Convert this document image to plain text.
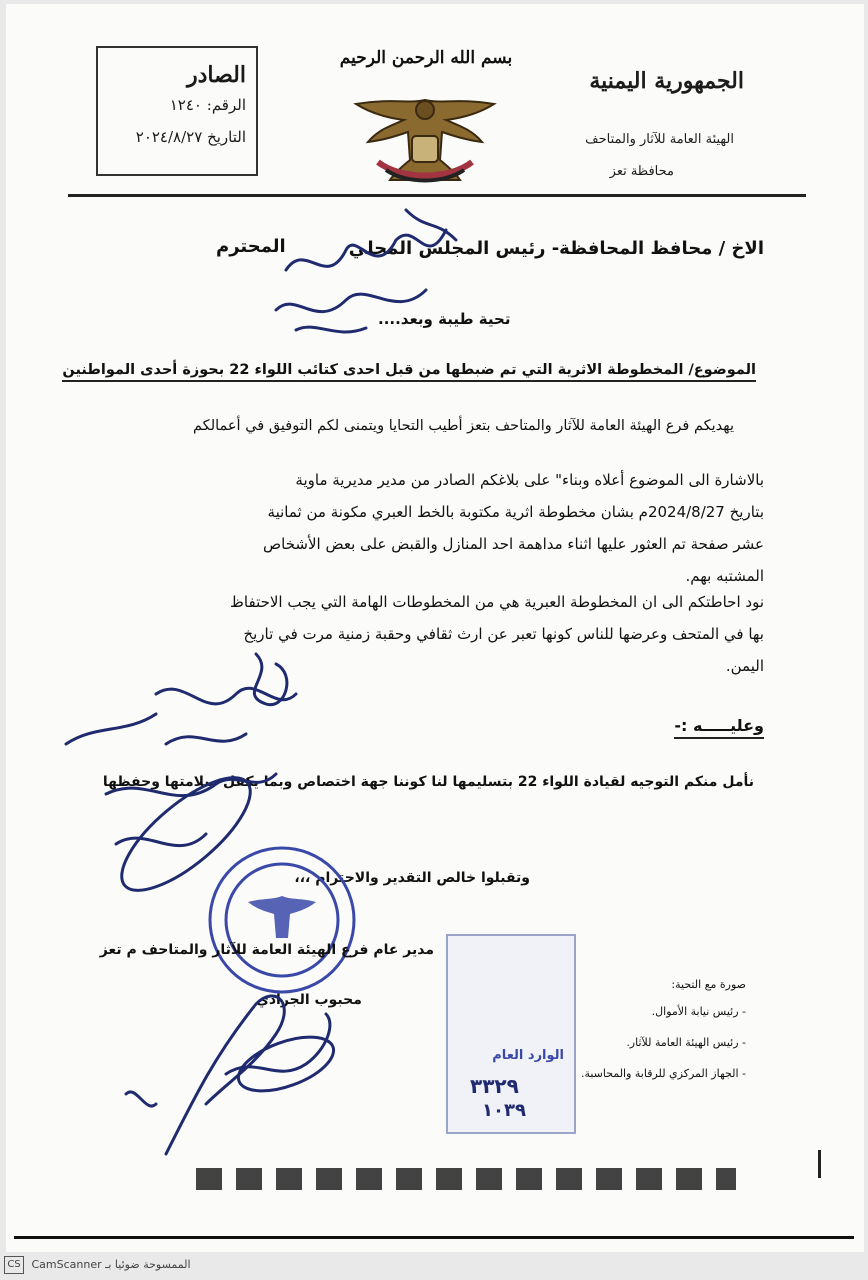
الصادر
الرقم: ١٢٤٠
التاريخ ٢٠٢٤/٨/٢٧
بسم الله الرحمن الرحيم
الجمهورية اليمنية
الهيئة العامة للآثار والمتاحف
محافظة تعز
الاخ / محافظ المحافظة- رئيس المجلس المحلي
المحترم
تحية طيبة وبعد....
الموضوع/ المخطوطة الاثرية التي تم ضبطها من قبل احدى كتائب اللواء 22 بحوزة أحدى المواطنين
يهديكم فرع الهيئة العامة للآثار والمتاحف بتعز أطيب التحايا ويتمنى لكم التوفيق في أعمالكم
بالاشارة الى الموضوع أعلاه وبناء" على بلاغكم الصادر من مدير مديرية ماوية
بتاريخ 2024/8/27م بشان مخطوطة اثرية مكتوبة بالخط العبري مكونة من ثمانية
عشر صفحة تم العثور عليها اثناء مداهمة احد المنازل والقبض على بعض الأشخاص
المشتبه بهم.
نود احاطتكم الى ان المخطوطة العبرية هي من المخطوطات الهامة التي يجب الاحتفاظ
بها في المتحف وعرضها للناس كونها تعبر عن ارث ثقافي وحقبة زمنية مرت في تاريخ
اليمن.
وعليـــــه :-
نأمل منكم التوجيه لقيادة اللواء 22 بتسليمها لنا كوننا جهة اختصاص وبما يكفل سلامتها وحفظها
وتقبلوا خالص التقدير والاحترام ،،،
مدير عام فرع الهيئة العامة للآثار والمتاحف م تعز
محبوب الجرادي
الوارد العام
٣٣٢٩
١٠٣٩
صورة مع التحية:
- رئيس نيابة الأموال.
- رئيس الهيئة العامة للآثار.
- الجهاز المركزي للرقابة والمحاسبة.
CS CamScanner الممسوحة ضوئيا بـ
